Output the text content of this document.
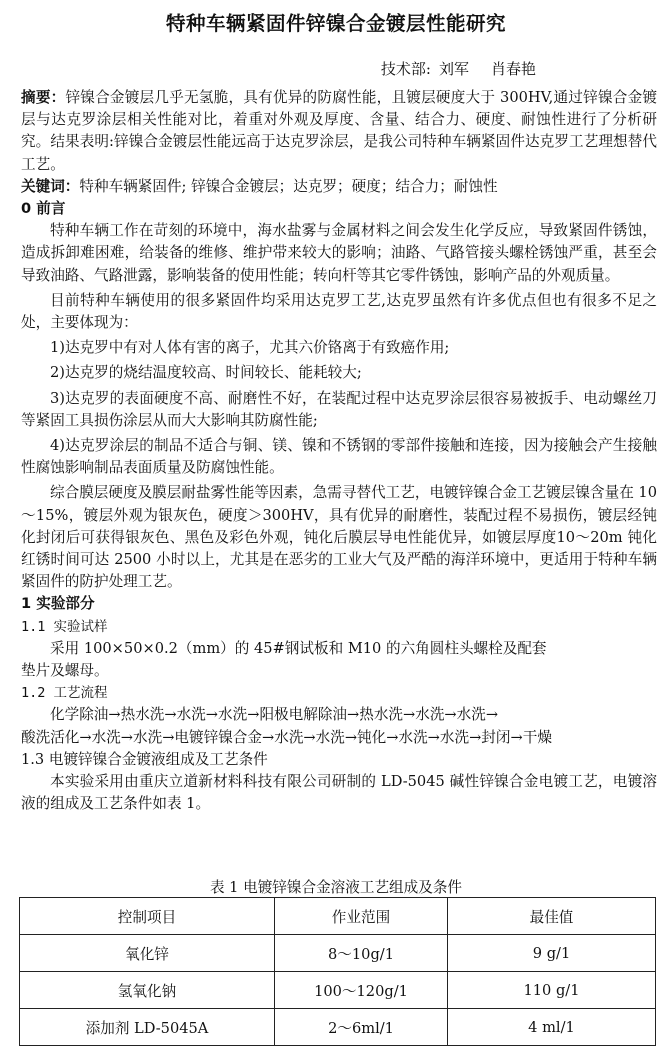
特种车辆紧固件锌镍合金镀层性能研究
技术部: 刘军 肖春艳

摘要：锌镍合金镀层几乎无氢脆，具有优异的防腐性能，且镀层硬度大于 300HV,通过锌镍合金镀层与达克罗涂层相关性能对比，着重对外观及厚度、含量、结合力、硬度、耐蚀性进行了分析研究。结果表明:锌镍合金镀层性能远高于达克罗涂层，是我公司特种车辆紧固件达克罗工艺理想替代工艺。

关键词：特种车辆紧固件; 锌镍合金镀层；达克罗；硬度；结合力；耐蚀性

0 前言

特种车辆工作在苛刻的环境中，海水盐雾与金属材料之间会发生化学反应，导致紧固件锈蚀，造成拆卸难困难，给装备的维修、维护带来较大的影响；油路、气路管接头螺栓锈蚀严重，甚至会导致油路、气路泄露，影响装备的使用性能；转向杆等其它零件锈蚀，影响产品的外观质量。

目前特种车辆使用的很多紧固件均采用达克罗工艺,达克罗虽然有许多优点但也有很多不足之处，主要体现为：

1)达克罗中有对人体有害的离子，尤其六价铬离于有致癌作用;

2)达克罗的烧结温度较高、时间较长、能耗较大;

3)达克罗的表面硬度不高、耐磨性不好，在装配过程中达克罗涂层很容易被扳手、电动螺丝刀等紧固工具损伤涂层从而大大影响其防腐性能;

4)达克罗涂层的制品不适合与铜、镁、镍和不锈钢的零部件接触和连接，因为接触会产生接触性腐蚀影响制品表面质量及防腐蚀性能。

综合膜层硬度及膜层耐盐雾性能等因素，急需寻替代工艺，电镀锌镍合金工艺镀层镍含量在 10～15%，镀层外观为银灰色，硬度＞300HV，具有优异的耐磨性，装配过程不易损伤，镀层经钝化封闭后可获得银灰色、黑色及彩色外观，钝化后膜层导电性能优异，如镀层厚度10～20m 钝化红锈时间可达 2500 小时以上，尤其是在恶劣的工业大气及严酷的海洋环境中，更适用于特种车辆紧固件的防护处理工艺。

1 实验部分

1.1 实验试样

采用 100×50×0.2（mm）的 45#钢试板和 M10 的六角圆柱头螺栓及配套

垫片及螺母。

1.2 工艺流程

化学除油→热水洗→水洗→水洗→阳极电解除油→热水洗→水洗→水洗→

酸洗活化→水洗→水洗→电镀锌镍合金→水洗→水洗→钝化→水洗→水洗→封闭→干燥

1.3 电镀锌镍合金镀液组成及工艺条件

本实验采用由重庆立道新材料科技有限公司研制的 LD-5045 碱性锌镍合金电镀工艺，电镀溶液的组成及工艺条件如表 1。

表 1 电镀锌镍合金溶液工艺组成及条件
控制项目	作业范围	最佳值
氧化锌	8～10g/1	9 g/1
氢氧化钠	100～120g/1	110 g/1
添加剂 LD-5045A	2～6ml/1	4 ml/1
